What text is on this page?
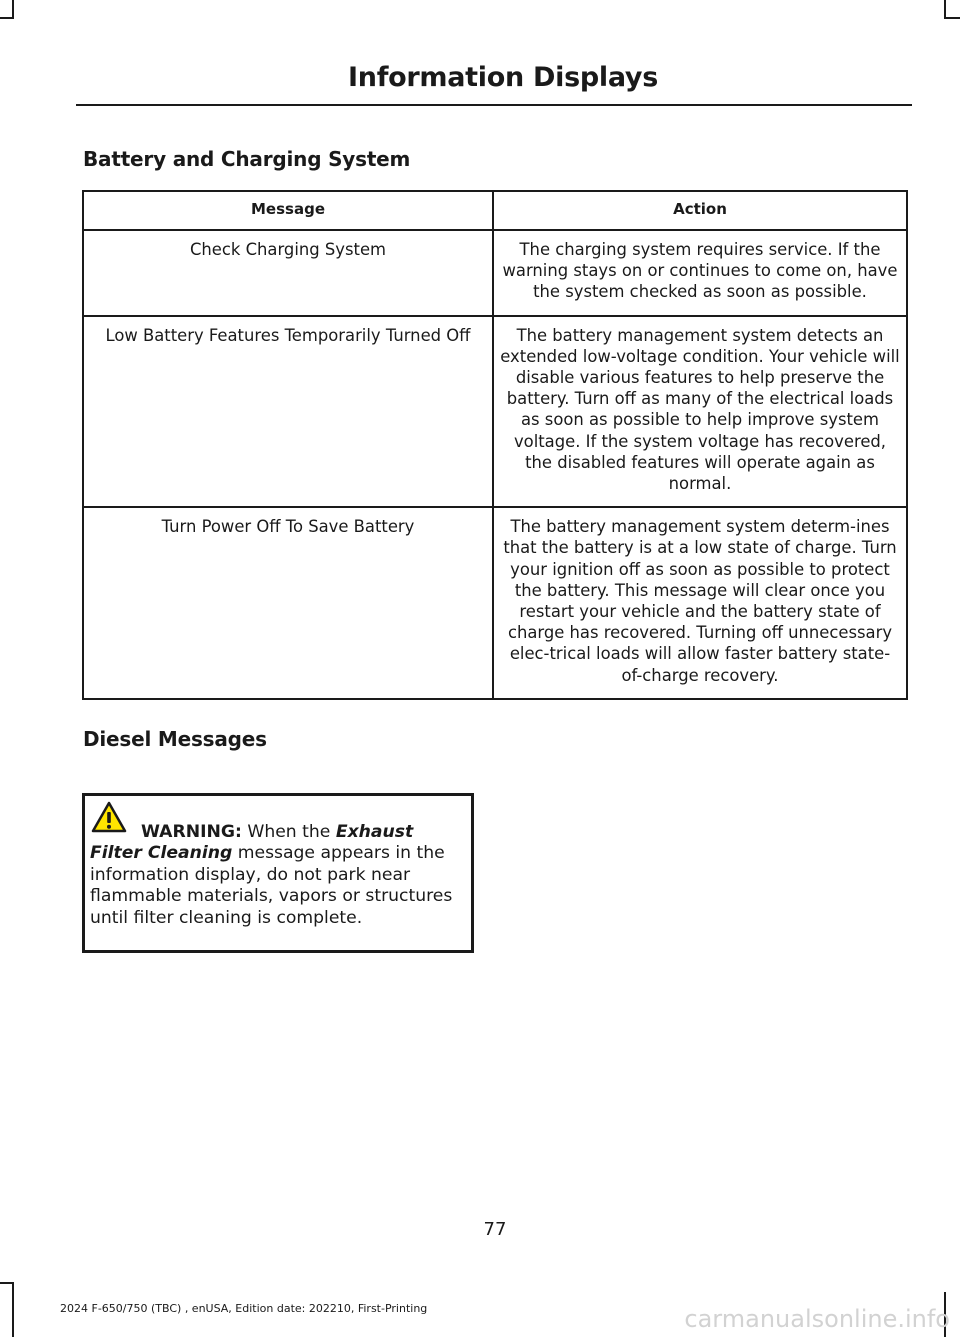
Information Displays
Battery and Charging System
Message	Action
Check Charging System	The charging system requires service. If the warning stays on or continues to come on, have the system checked as soon as possible.
Low Battery Features Temporarily Turned Off	The battery management system detects an extended low-voltage condition. Your vehicle will disable various features to help preserve the battery. Turn off as many of the electrical loads as soon as possible to help improve system voltage. If the system voltage has recovered, the disabled features will operate again as normal.
Turn Power Off To Save Battery	The battery management system determ-ines that the battery is at a low state of charge. Turn your ignition off as soon as possible to protect the battery. This message will clear once you restart your vehicle and the battery state of charge has recovered. Turning off unnecessary elec-trical loads will allow faster battery state-of-charge recovery.
Diesel Messages
WARNING: When the Exhaust Filter Cleaning message appears in the information display, do not park near flammable materials, vapors or structures until filter cleaning is complete.
77
2024 F-650/750 (TBC) , enUSA, Edition date: 202210, First-Printing	carmanualsonline.info
